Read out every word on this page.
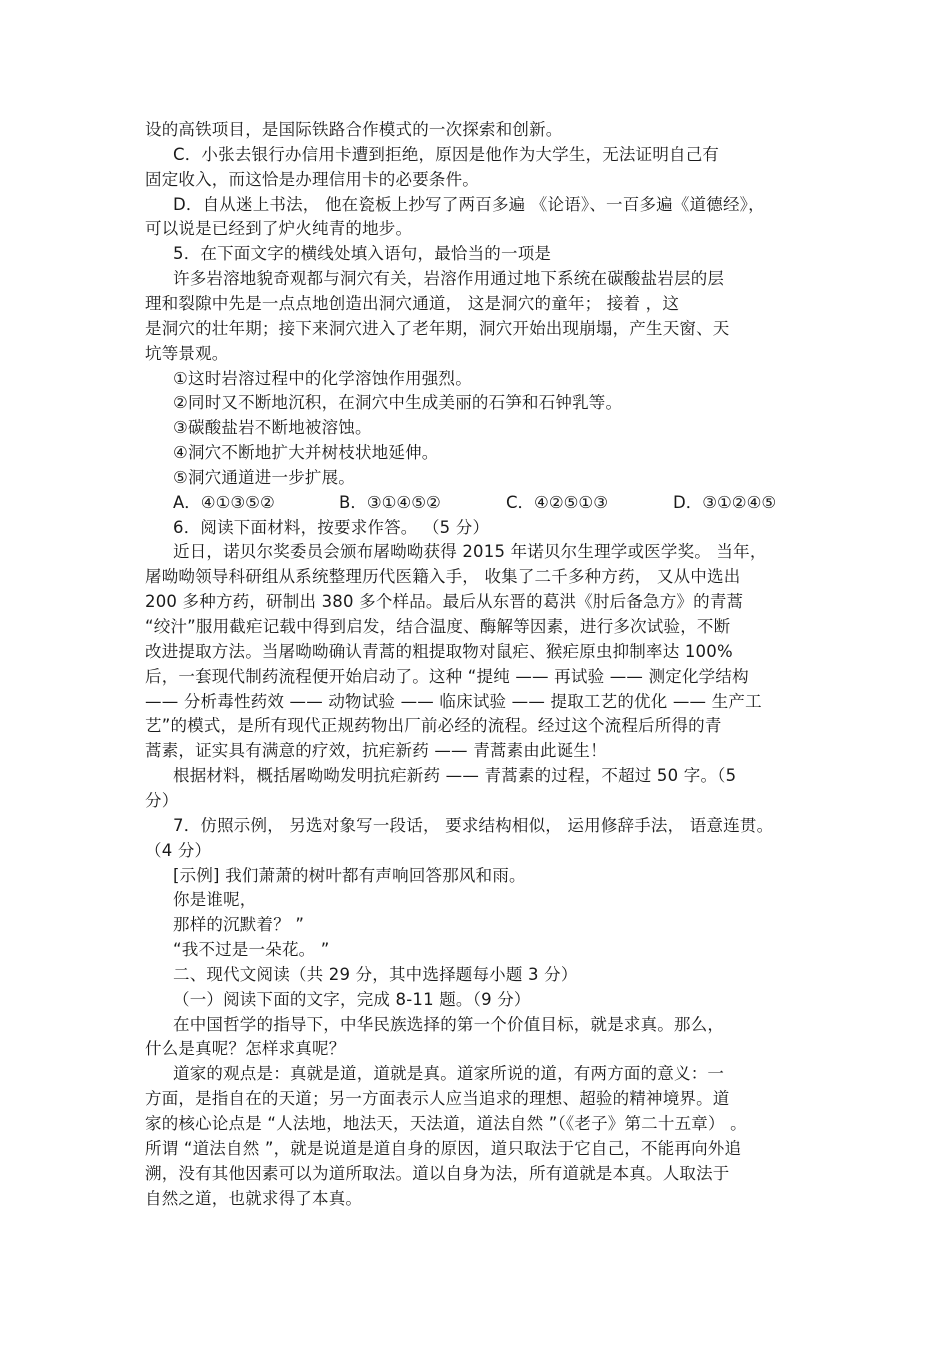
设的高铁项目，是国际铁路合作模式的一次探索和创新。
C．小张去银行办信用卡遭到拒绝，原因是他作为大学生，无法证明自己有
固定收入，而这恰是办理信用卡的必要条件。
D．自从迷上书法， 他在瓷板上抄写了两百多遍 《论语》、一百多遍《道德经》，
可以说是已经到了炉火纯青的地步。
5．在下面文字的横线处填入语句，最恰当的一项是
许多岩溶地貌奇观都与洞穴有关，岩溶作用通过地下系统在碳酸盐岩层的层
理和裂隙中先是一点点地创造出洞穴通道， 这是洞穴的童年； 接着 ，这
是洞穴的壮年期；接下来洞穴进入了老年期，洞穴开始出现崩塌，产生天窗、天
坑等景观。
①这时岩溶过程中的化学溶蚀作用强烈。
②同时又不断地沉积，在洞穴中生成美丽的石笋和石钟乳等。
③碳酸盐岩不断地被溶蚀。
④洞穴不断地扩大并树枝状地延伸。
⑤洞穴通道进一步扩展。
A．④①③⑤②	B．③①④⑤②	C．④②⑤①③	D．③①②④⑤
6．阅读下面材料，按要求作答。 （5 分）
近日，诺贝尔奖委员会颁布屠呦呦获得 2015 年诺贝尔生理学或医学奖。 当年，
屠呦呦领导科研组从系统整理历代医籍入手， 收集了二千多种方药， 又从中选出
200 多种方药，研制出 380 多个样品。最后从东晋的葛洪《肘后备急方》的青蒿
“绞汁”服用截疟记载中得到启发，结合温度、酶解等因素，进行多次试验，不断
改进提取方法。当屠呦呦确认青蒿的粗提取物对鼠疟、猴疟原虫抑制率达 100%
后，一套现代制药流程便开始启动了。这种 “提纯 —— 再试验 —— 测定化学结构
—— 分析毒性药效 —— 动物试验 —— 临床试验 —— 提取工艺的优化 —— 生产工
艺”的模式，是所有现代正规药物出厂前必经的流程。经过这个流程后所得的青
蒿素，证实具有满意的疗效，抗疟新药 —— 青蒿素由此诞生！
根据材料，概括屠呦呦发明抗疟新药 —— 青蒿素的过程，不超过 50 字。（5
分）
7．仿照示例， 另选对象写一段话， 要求结构相似， 运用修辞手法， 语意连贯。
（4 分）
[示例] 我们萧萧的树叶都有声响回答那风和雨。
你是谁呢，
那样的沉默着？ ”
“我不过是一朵花。 ”
二、现代文阅读（共 29 分，其中选择题每小题 3 分）
（一）阅读下面的文字，完成 8-11 题。（9 分）
在中国哲学的指导下，中华民族选择的第一个价值目标，就是求真。那么，
什么是真呢？怎样求真呢？
道家的观点是：真就是道，道就是真。道家所说的道，有两方面的意义：一
方面，是指自在的天道；另一方面表示人应当追求的理想、超验的精神境界。道
家的核心论点是 “人法地，地法天，天法道，道法自然 ”（《老子》第二十五章） 。
所谓 “道法自然 ”，就是说道是道自身的原因，道只取法于它自己，不能再向外追
溯，没有其他因素可以为道所取法。道以自身为法，所有道就是本真。人取法于
自然之道，也就求得了本真。
